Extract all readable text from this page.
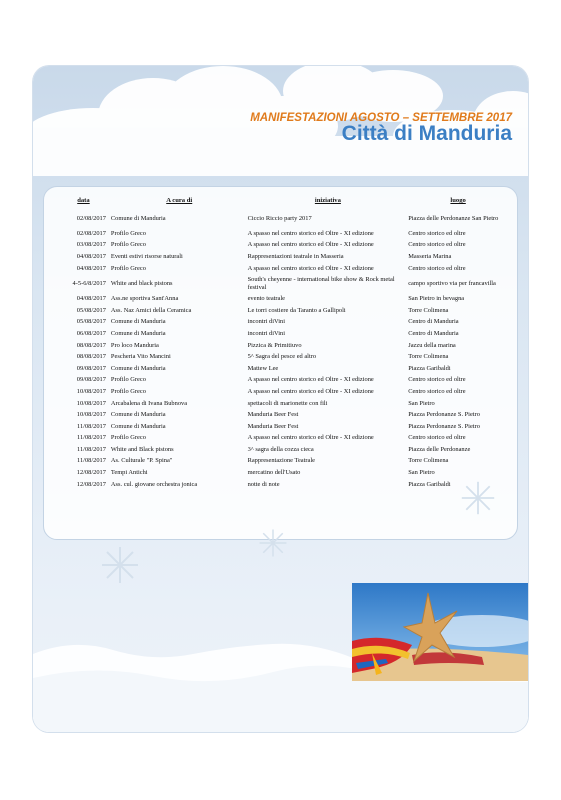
MANIFESTAZIONI AGOSTO – SETTEMBRE 2017
Città di Manduria
data	A cura di	iniziativa	luogo
02/08/2017	Comune di Manduria	Ciccio Riccio party 2017	Piazza delle Perdonanze San Pietro
02/08/2017	Profilo Greco	A spasso nel centro storico ed Oltre - XI edizione	Centro storico ed oltre
03/08/2017	Profilo Greco	A spasso nel centro storico ed Oltre - XI edizione	Centro storico ed oltre
04/08/2017	Eventi estivi risorse naturali	Rappresentazioni teatrale in Masseria	Masseria Marina
04/08/2017	Profilo Greco	A spasso nel centro storico ed Oltre - XI edizione	Centro storico ed oltre
4-5-6/8/2017	White and black pistons	South's cheyenne - international bike show & Rock metal festival	campo sportivo via per francavilla
04/08/2017	Ass.ne sportiva Sant'Anna	evento teatrale	San Pietro in bevagna
05/08/2017	Ass. Naz Amici della Ceramica	Le torri costiere da Taranto a Gallipoli	Torre Colimena
05/08/2017	Comune di Manduria	incontri diVini	Centro di Manduria
06/08/2017	Comune di Manduria	incontri diVini	Centro di Manduria
08/08/2017	Pro loco Manduria	Pizzica & Primitiuvo	Jazzu della marina
08/08/2017	Pescheria Vito Mancini	5^ Sagra del pesce ed altro	Torre Colimena
09/08/2017	Comune di Manduria	Mattew Lee	Piazza Garibaldi
09/08/2017	Profilo Greco	A spasso nel centro storico ed Oltre - XI edizione	Centro storico ed oltre
10/08/2017	Profilo Greco	A spasso nel centro storico ed Oltre - XI edizione	Centro storico ed oltre
10/08/2017	Arcabalena di Ivana Bubnova	spettacoli di marionette con fili	San Pietro
10/08/2017	Comune di Manduria	Manduria Beer Fest	Piazza Perdonanze S. Pietro
11/08/2017	Comune di Manduria	Manduria Beer Fest	Piazza Perdonanze S. Pietro
11/08/2017	Profilo Greco	A spasso nel centro storico ed Oltre - XI edizione	Centro storico ed oltre
11/08/2017	White and Black pistons	3^ sagra della cozza cieca	Piazza delle Perdonanze
11/08/2017	As. Culturale "P. Spina"	Rappresentazione Teatrale	Torre Colimena
12/08/2017	Tempi Antichi	mercatino dell'Usato	San Pietro
12/08/2017	Ass. cul. giovane orchestra jonica	notte di note	Piazza Garibaldi
